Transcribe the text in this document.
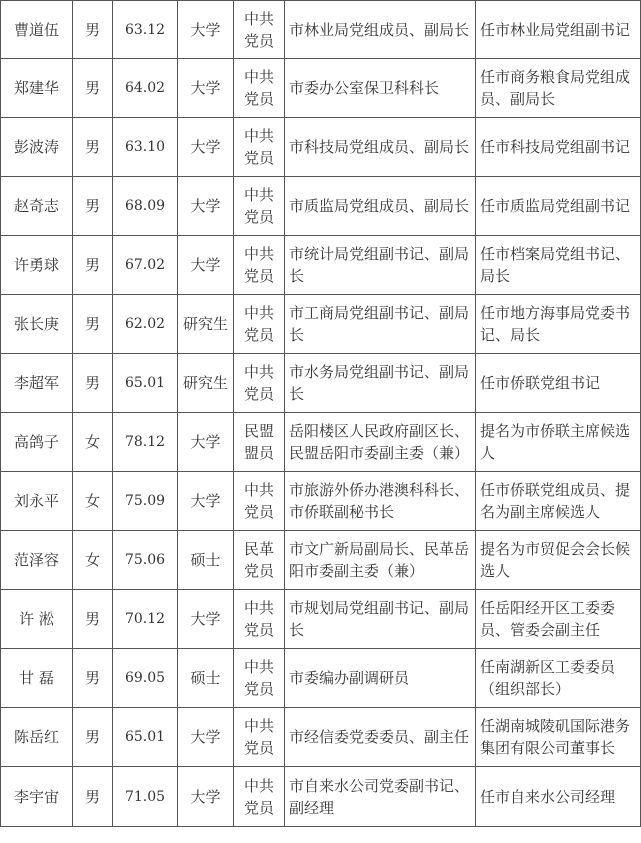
曹道伍	男	63.12	大学	中共党员	市林业局党组成员、副局长	任市林业局党组副书记
郑建华	男	64.02	大学	中共党员	市委办公室保卫科科长	任市商务粮食局党组成员、副局长
彭波涛	男	63.10	大学	中共党员	市科技局党组成员、副局长	任市科技局党组副书记
赵奇志	男	68.09	大学	中共党员	市质监局党组成员、副局长	任市质监局党组副书记
许勇球	男	67.02	大学	中共党员	市统计局党组副书记、副局长	任市档案局党组书记、局长
张长庚	男	62.02	研究生	中共党员	市工商局党组副书记、副局长	任市地方海事局党委书记、局长
李超军	男	65.01	研究生	中共党员	市水务局党组副书记、副局长	任市侨联党组书记
高鸽子	女	78.12	大学	民盟盟员	岳阳楼区人民政府副区长、民盟岳阳市委副主委（兼）	提名为市侨联主席候选人
刘永平	女	75.09	大学	中共党员	市旅游外侨办港澳科科长、市侨联副秘书长	任市侨联党组成员、提名为副主席候选人
范泽容	女	75.06	硕士	民革党员	市文广新局副局长、民革岳阳市委副主委（兼）	提名为市贸促会会长候选人
许 淞	男	70.12	大学	中共党员	市规划局党组副书记、副局长	任岳阳经开区工委委员、管委会副主任
甘 磊	男	69.05	硕士	中共党员	市委编办副调研员	任南湖新区工委委员（组织部长）
陈岳红	男	65.01	大学	中共党员	市经信委党委委员、副主任	任湖南城陵矶国际港务集团有限公司董事长
李宇宙	男	71.05	大学	中共党员	市自来水公司党委副书记、副经理	任市自来水公司经理
